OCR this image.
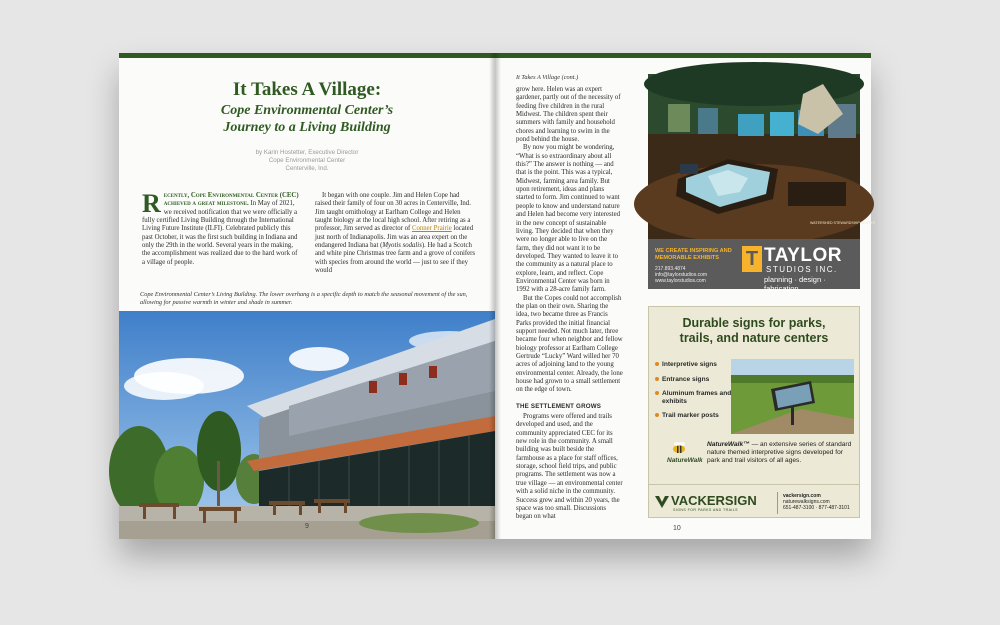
It Takes A Village:
Cope Environmental Center’s
Journey to a Living Building
by Karin Hostetter, Executive Director
Cope Environmental Center
Centerville, Ind.

Recently, Cope Environmental Center (CEC) achieved a great milestone. In May of 2021, we received notification that we were officially a fully certified Living Building through the International Living Future Institute (ILFI). Celebrated publicly this past October, it was the first such building in Indiana and only the 29th in the world. Several years in the making, the accomplishment was realized due to the hard work of a village of people.

It began with one couple. Jim and Helen Cope had raised their family of four on 30 acres in Centerville, Ind. Jim taught ornithology at Earlham College and Helen taught biology at the local high school. After retiring as a professor, Jim served as director of Conner Prairie located just north of Indianapolis. Jim was an area expert on the endangered Indiana bat (Myotis sodalis). He had a Scotch and white pine Christmas tree farm and a grove of conifers with species from around the world — just to see if they would

Cope Environmental Center’s Living Building. The lower overhang is a specific depth to match the seasonal movement of the sun, allowing for passive warmth in winter and shade in summer.
9
It Takes A Village (cont.)

grow here. Helen was an expert gardener, partly out of the necessity of feeding five children in the rural Midwest. The children spent their summers with family and household chores and learning to swim in the pond behind the house.

By now you might be wondering, “What is so extraordinary about all this?” The answer is nothing — and that is the point. This was a typical, Midwest, farming area family. But upon retirement, ideas and plans started to form. Jim continued to want people to know and understand nature and Helen had become very interested in the new concept of sustainable living. They decided that when they were no longer able to live on the farm, they did not want it to be developed. They wanted to leave it to the community as a natural place to explore, learn, and reflect. Cope Environmental Center was born in 1992 with a 28-acre family farm.

But the Copes could not accomplish the plan on their own. Sharing the idea, two became three as Francis Parks provided the initial financial support needed. Not much later, three became four when neighbor and fellow biology professor at Earlham College Gertrude “Lucky” Ward willed her 70 acres of adjoining land to the young environmental center. Already, the lone house had grown to a small settlement on the edge of town.

THE SETTLEMENT GROWS

Programs were offered and trails developed and used, and the community appreciated CEC for its new role in the community. A small building was built beside the farmhouse as a place for staff offices, storage, school field trips, and public programs. The settlement was now a true village — an environmental center with a solid niche in the community. Success grew and within 20 years, the space was too small. Discussions began on what

WATERSHED STEWARDSHIP CENTER
WE CREATE INSPIRING AND MEMORABLE EXHIBITS
217.893.4874
info@taylorstudios.com
www.taylorstudios.com
T TAYLOR
STUDIOS INC.
planning · design · fabrication
Durable signs for parks,
trails, and nature centers
Interpretive signs
Entrance signs
Aluminum frames and exhibits
Trail marker posts
NatureWalk
NatureWalk™ — an extensive series of standard nature themed interpretive signs developed for park and trail visitors of all ages.
VACKERSIGN
SIGNS FOR PARKS AND TRAILS
vackersign.com
naturewalksigns.com
651-487-3100 · 877-487-3101
10
